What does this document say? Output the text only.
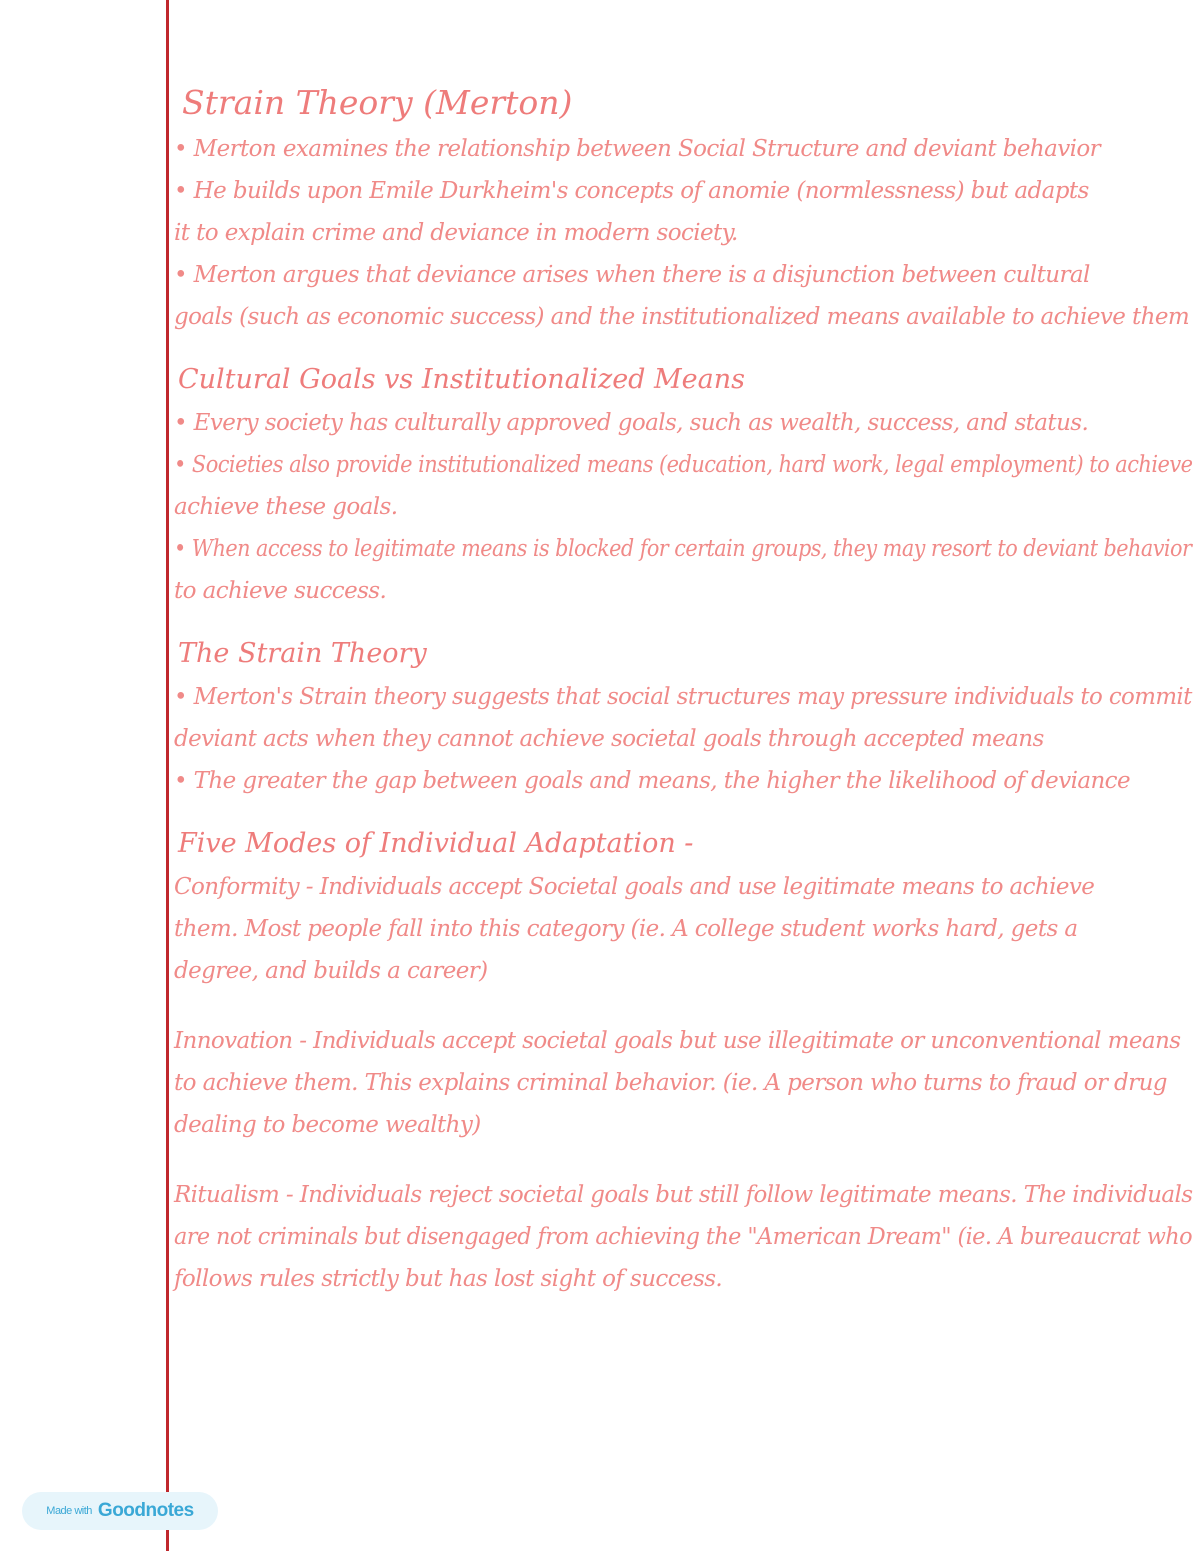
Strain Theory (Merton)

• Merton examines the relationship between Social Structure and deviant behavior

• He builds upon Emile Durkheim's concepts of anomie (normlessness) but adapts

it to explain crime and deviance in modern society.

• Merton argues that deviance arises when there is a disjunction between cultural

goals (such as economic success) and the institutionalized means available to achieve them

Cultural Goals vs Institutionalized Means

• Every society has culturally approved goals, such as wealth, success, and status.

• Societies also provide institutionalized means (education, hard work, legal employment) to achieve

achieve these goals.

• When access to legitimate means is blocked for certain groups, they may resort to deviant behavior

to achieve success.

The Strain Theory

• Merton's Strain theory suggests that social structures may pressure individuals to commit

deviant acts when they cannot achieve societal goals through accepted means

• The greater the gap between goals and means, the higher the likelihood of deviance

Five Modes of Individual Adaptation -

Conformity - Individuals accept Societal goals and use legitimate means to achieve

them. Most people fall into this category (ie. A college student works hard, gets a

degree, and builds a career)

Innovation - Individuals accept societal goals but use illegitimate or unconventional means

to achieve them. This explains criminal behavior. (ie. A person who turns to fraud or drug

dealing to become wealthy)

Ritualism - Individuals reject societal goals but still follow legitimate means. The individuals

are not criminals but disengaged from achieving the "American Dream" (ie. A bureaucrat who

follows rules strictly but has lost sight of success.

Made with Goodnotes
